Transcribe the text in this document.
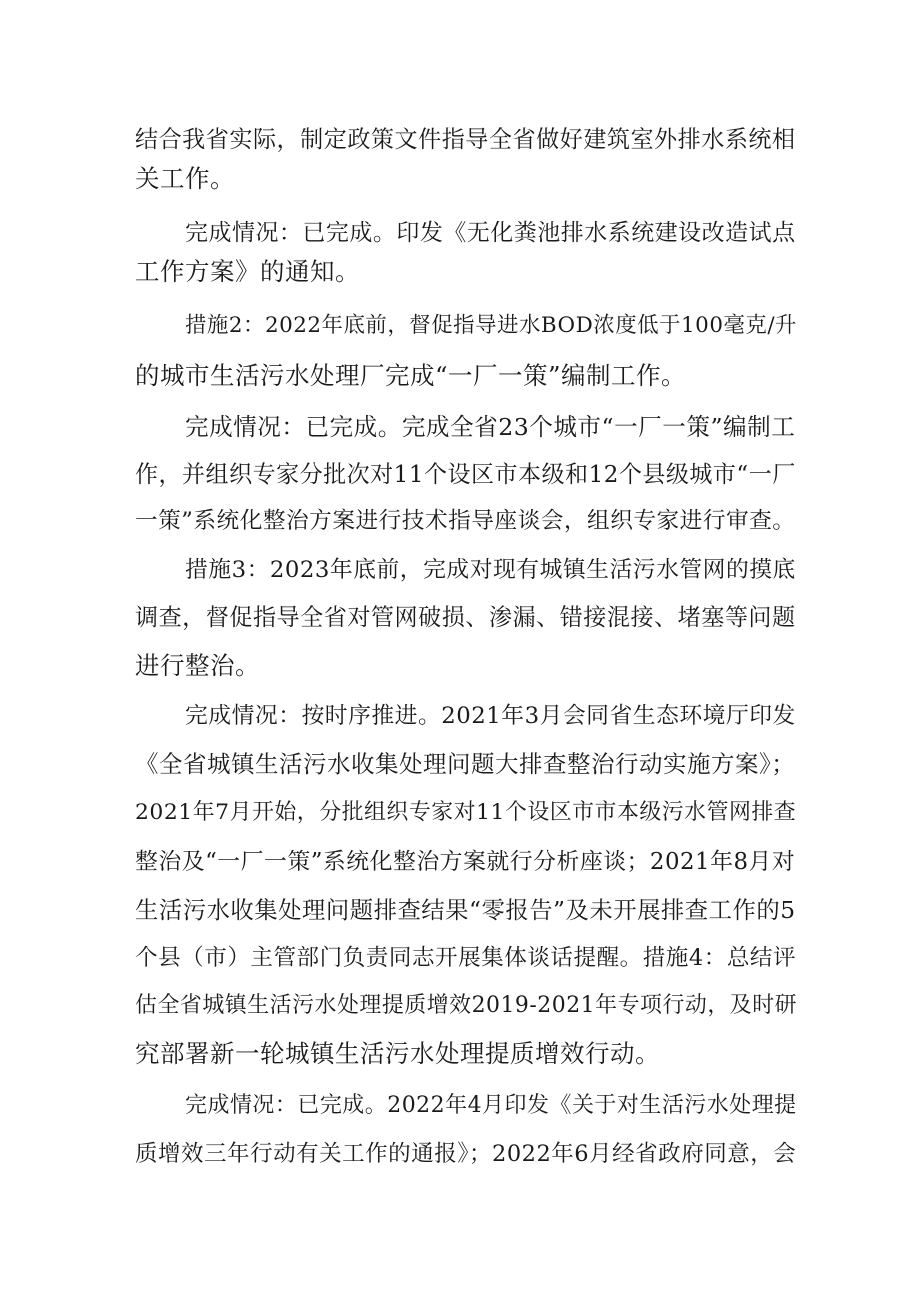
结合我省实际，制定政策文件指导全省做好建筑室外排水系统相
关工作。
完成情况：已完成。印发《无化粪池排水系统建设改造试点
工作方案》的通知。
措施2：2022年底前，督促指导进水BOD浓度低于100毫克/升
的城市生活污水处理厂完成“一厂一策”编制工作。
完成情况：已完成。完成全省23个城市“一厂一策”编制工
作，并组织专家分批次对11个设区市本级和12个县级城市“一厂
一策”系统化整治方案进行技术指导座谈会，组织专家进行审查。
措施3：2023年底前，完成对现有城镇生活污水管网的摸底
调查，督促指导全省对管网破损、渗漏、错接混接、堵塞等问题
进行整治。
完成情况：按时序推进。2021年3月会同省生态环境厅印发
《全省城镇生活污水收集处理问题大排查整治行动实施方案》；
2021年7月开始，分批组织专家对11个设区市市本级污水管网排查
整治及“一厂一策”系统化整治方案就行分析座谈；2021年8月对
生活污水收集处理问题排查结果“零报告”及未开展排查工作的5
个县（市）主管部门负责同志开展集体谈话提醒。措施4：总结评
估全省城镇生活污水处理提质增效2019-2021年专项行动，及时研
究部署新一轮城镇生活污水处理提质增效行动。
完成情况：已完成。2022年4月印发《关于对生活污水处理提
质增效三年行动有关工作的通报》；2022年6月经省政府同意，会
